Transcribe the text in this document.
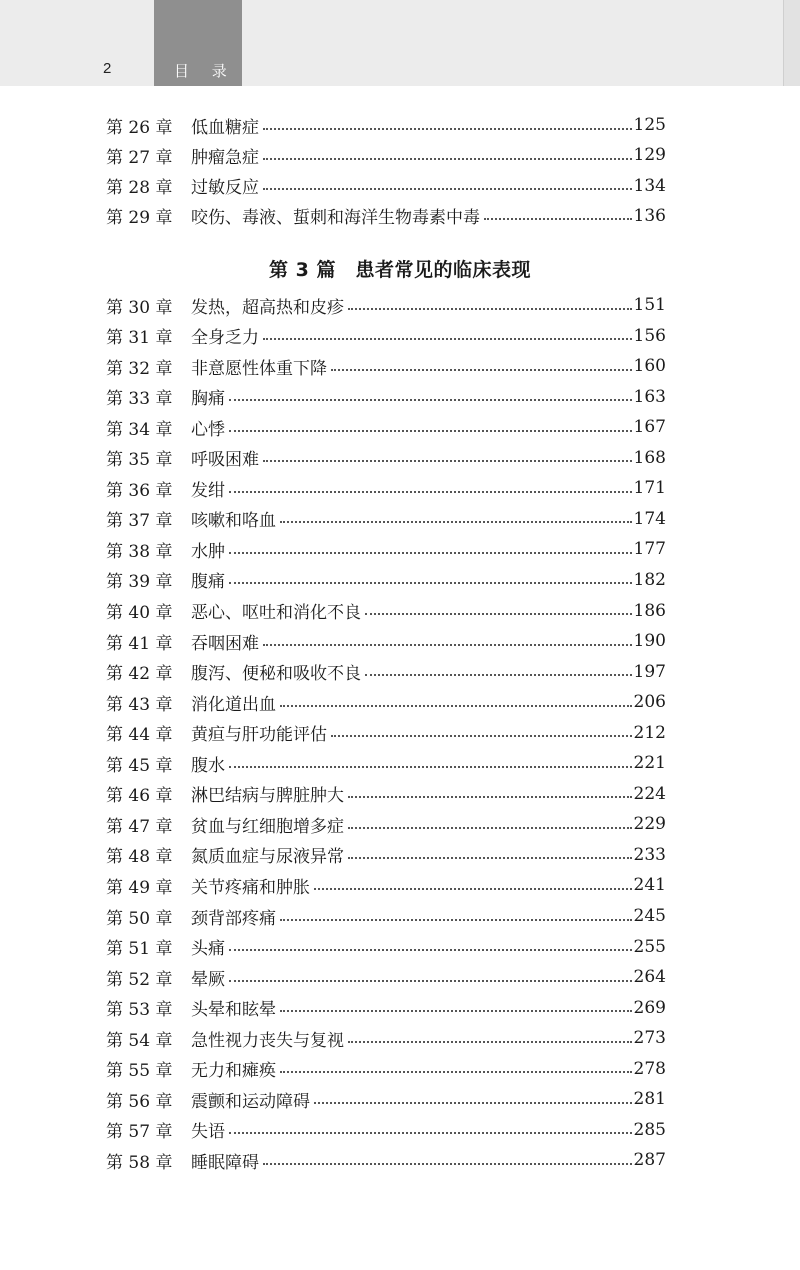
2	目 录
第 3 篇　患者常见的临床表现
第 26 章	低血糖症	125
第 27 章	肿瘤急症	129
第 28 章	过敏反应	134
第 29 章	咬伤、毒液、蜇刺和海洋生物毒素中毒	136
第 30 章	发热，超高热和皮疹	151
第 31 章	全身乏力	156
第 32 章	非意愿性体重下降	160
第 33 章	胸痛	163
第 34 章	心悸	167
第 35 章	呼吸困难	168
第 36 章	发绀	171
第 37 章	咳嗽和咯血	174
第 38 章	水肿	177
第 39 章	腹痛	182
第 40 章	恶心、呕吐和消化不良	186
第 41 章	吞咽困难	190
第 42 章	腹泻、便秘和吸收不良	197
第 43 章	消化道出血	206
第 44 章	黄疸与肝功能评估	212
第 45 章	腹水	221
第 46 章	淋巴结病与脾脏肿大	224
第 47 章	贫血与红细胞增多症	229
第 48 章	氮质血症与尿液异常	233
第 49 章	关节疼痛和肿胀	241
第 50 章	颈背部疼痛	245
第 51 章	头痛	255
第 52 章	晕厥	264
第 53 章	头晕和眩晕	269
第 54 章	急性视力丧失与复视	273
第 55 章	无力和瘫痪	278
第 56 章	震颤和运动障碍	281
第 57 章	失语	285
第 58 章	睡眠障碍	287
